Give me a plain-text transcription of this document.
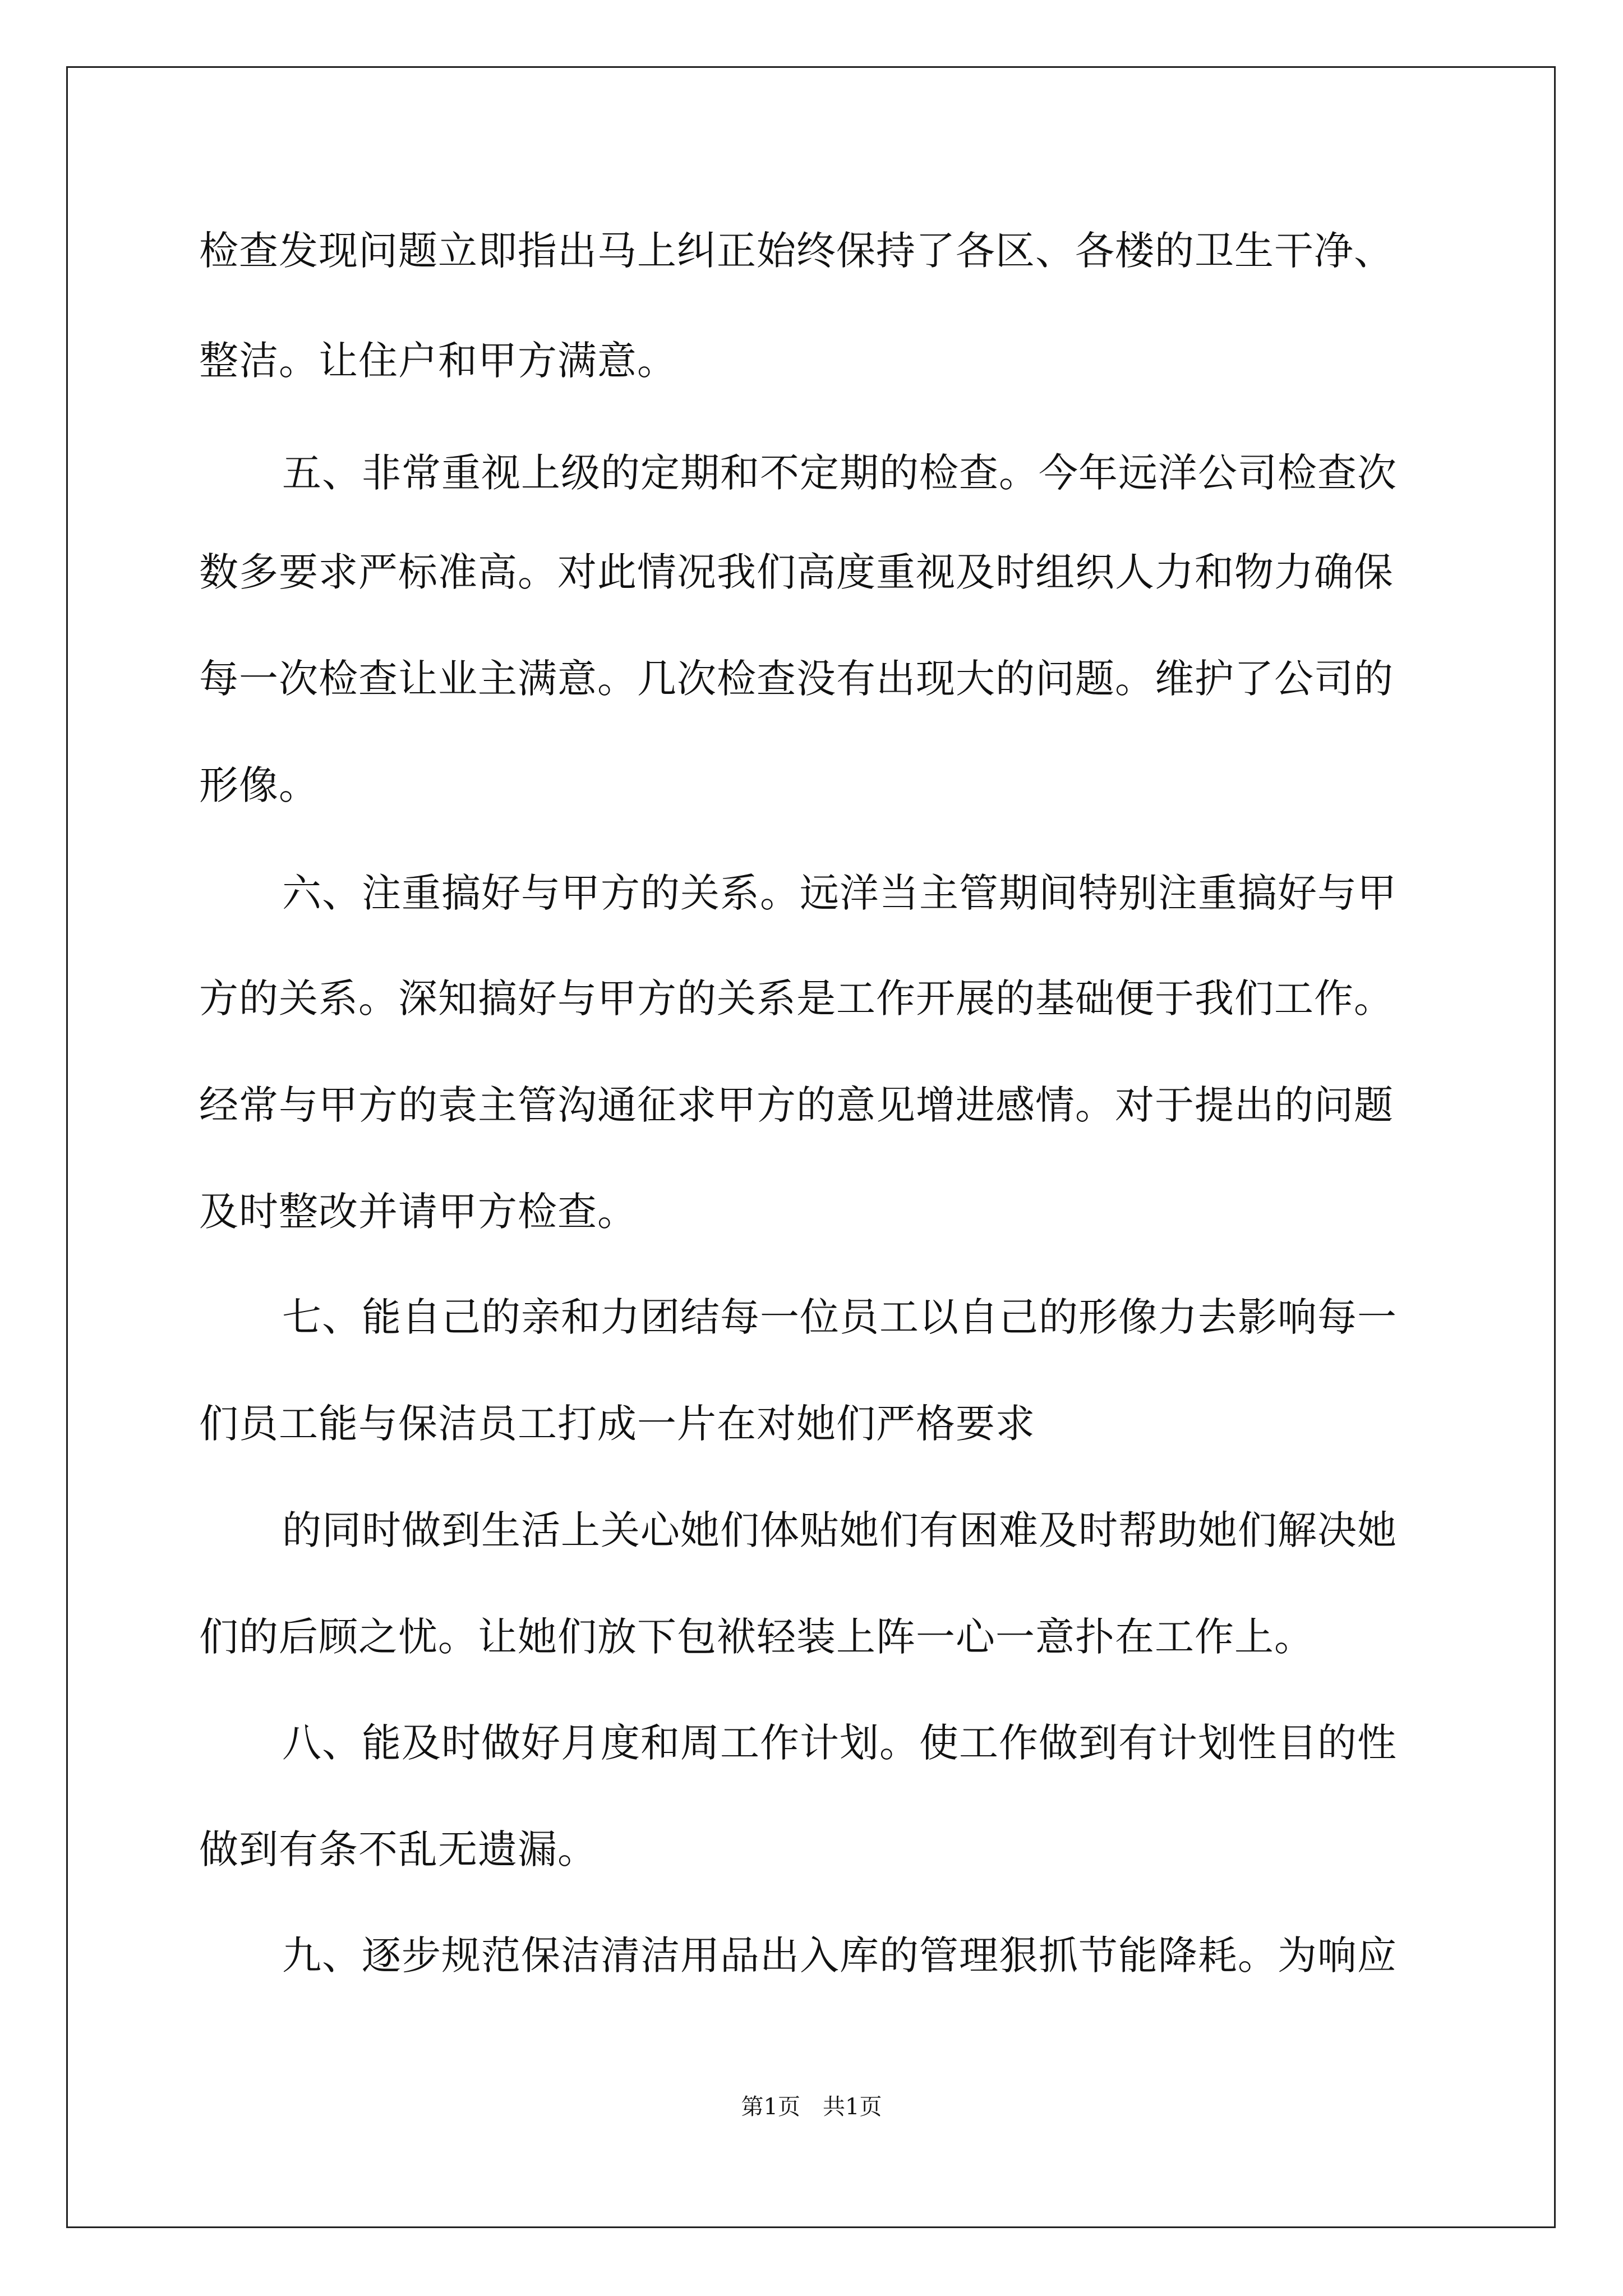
检查发现问题立即指出马上纠正始终保持了各区、各楼的卫生干净、
整洁。让住户和甲方满意。
五、非常重视上级的定期和不定期的检查。今年远洋公司检查次
数多要求严标准高。对此情况我们高度重视及时组织人力和物力确保
每一次检查让业主满意。几次检查没有出现大的问题。维护了公司的
形像。
六、注重搞好与甲方的关系。远洋当主管期间特别注重搞好与甲
方的关系。深知搞好与甲方的关系是工作开展的基础便于我们工作。
经常与甲方的袁主管沟通征求甲方的意见增进感情。对于提出的问题
及时整改并请甲方检查。
七、能自己的亲和力团结每一位员工以自己的形像力去影响每一
们员工能与保洁员工打成一片在对她们严格要求
的同时做到生活上关心她们体贴她们有困难及时帮助她们解决她
们的后顾之忧。让她们放下包袱轻装上阵一心一意扑在工作上。
八、能及时做好月度和周工作计划。使工作做到有计划性目的性
做到有条不乱无遗漏。
九、逐步规范保洁清洁用品出入库的管理狠抓节能降耗。为响应
第1页　共1页
